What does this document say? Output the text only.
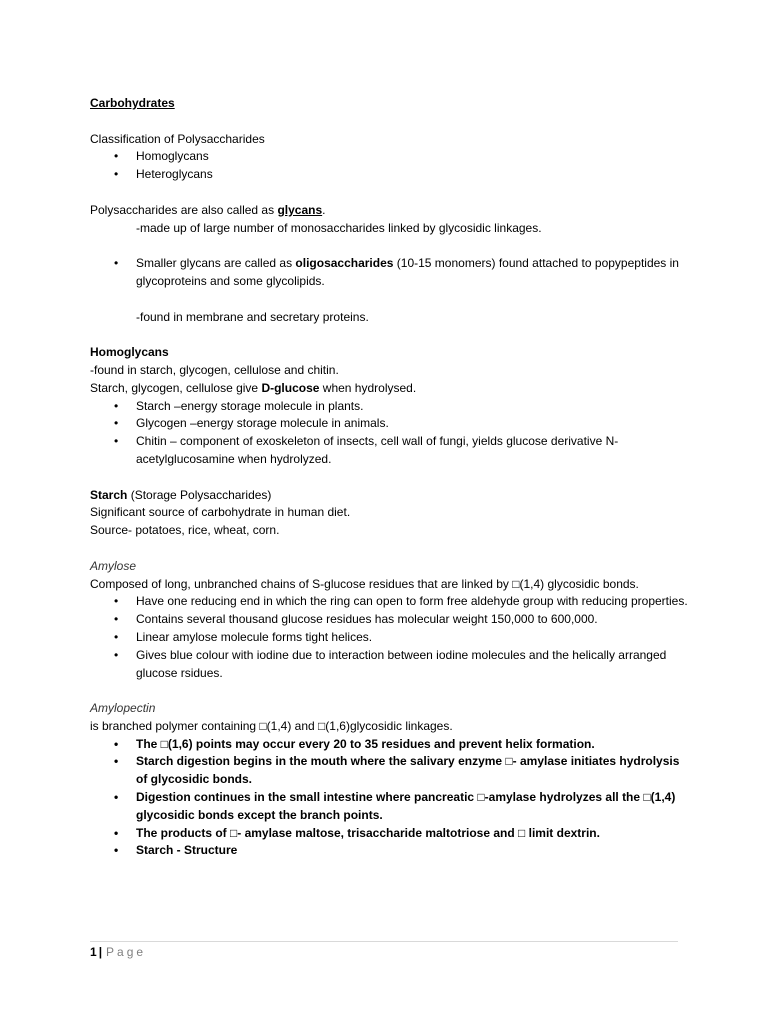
Carbohydrates

Classification of Polysaccharides

• Homoglycans
• Heteroglycans

Polysaccharides are also called as glycans.

-made up of large number of monosaccharides linked by glycosidic linkages.

• Smaller glycans are called as oligosaccharides (10-15 monomers) found attached to popypeptides in glycoproteins and some glycolipids.

-found in membrane and secretary proteins.

Homoglycans

-found in starch, glycogen, cellulose and chitin.

Starch, glycogen, cellulose give D-glucose when hydrolysed.

• Starch –energy storage molecule in plants.
• Glycogen –energy storage molecule in animals.
• Chitin – component of exoskeleton of insects, cell wall of fungi, yields glucose derivative N-acetylglucosamine when hydrolyzed.

Starch (Storage Polysaccharides)

Significant source of carbohydrate in human diet.

Source- potatoes, rice, wheat, corn.

Amylose

Composed of long, unbranched chains of S-glucose residues that are linked by □(1,4) glycosidic bonds.

• Have one reducing end in which the ring can open to form free aldehyde group with reducing properties.
• Contains several thousand glucose residues has molecular weight 150,000 to 600,000.
• Linear amylose molecule forms tight helices.
• Gives blue colour with iodine due to interaction between iodine molecules and the helically arranged glucose rsidues.

Amylopectin

is branched polymer containing □(1,4) and □(1,6)glycosidic linkages.

• The □(1,6) points may occur every 20 to 35 residues and prevent helix formation.
• Starch digestion begins in the mouth where the salivary enzyme □- amylase initiates hydrolysis of glycosidic bonds.
• Digestion continues in the small intestine where pancreatic □-amylase hydrolyzes all the □(1,4) glycosidic bonds except the branch points.
• The products of □- amylase maltose, trisaccharide maltotriose and □ limit dextrin.
• Starch - Structure
1 | Page
